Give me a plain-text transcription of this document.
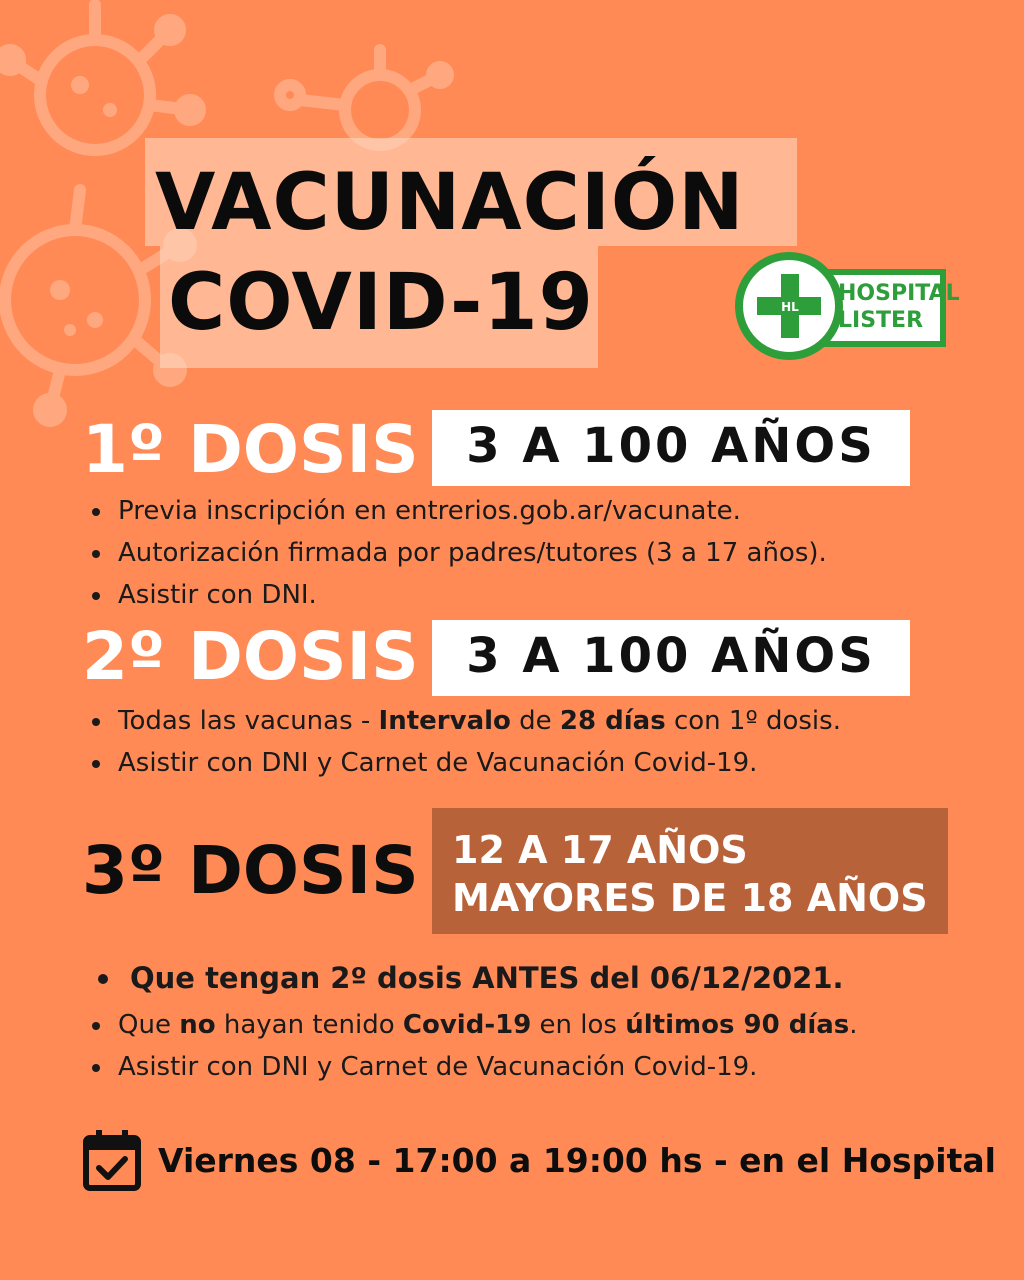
VACUNACIÓN
COVID-19	HL
HOSPITAL
LISTER
1º DOSIS 3 A 100 AÑOS
Previa inscripción en entrerios.gob.ar/vacunate.
Autorización firmada por padres/tutores (3 a 17 años).
Asistir con DNI.
2º DOSIS 3 A 100 AÑOS
Todas las vacunas - Intervalo de 28 días con 1º dosis.
Asistir con DNI y Carnet de Vacunación Covid-19.
3º DOSIS 12 A 17 AÑOS
MAYORES DE 18 AÑOS
Que tengan 2º dosis ANTES del 06/12/2021.
Que no hayan tenido Covid-19 en los últimos 90 días.
Asistir con DNI y Carnet de Vacunación Covid-19.
Viernes 08 - 17:00 a 19:00 hs - en el Hospital
